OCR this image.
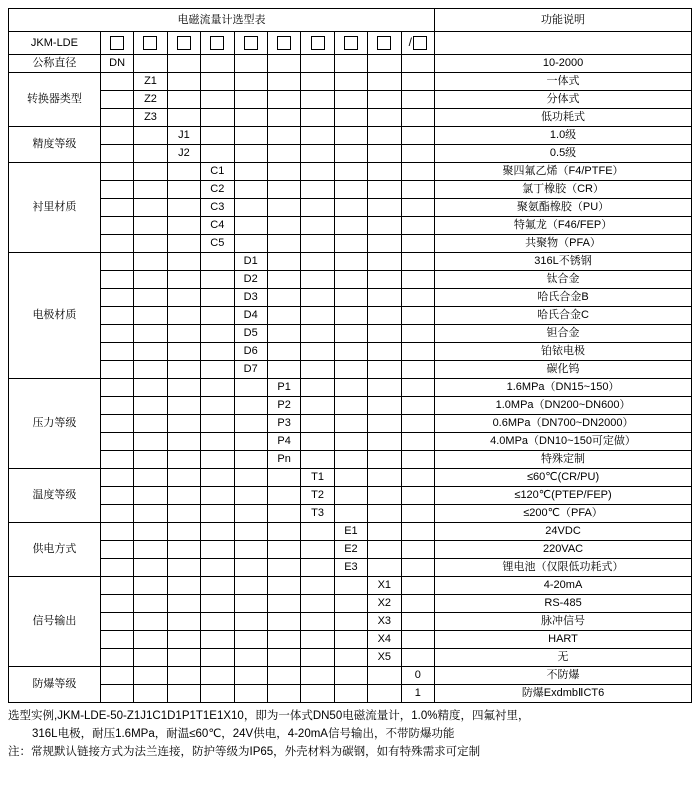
电磁流量计选型表											功能说明
JKM-LDE										/	
公称直径	DN										10-2000
转换器类型		Z1									一体式
		Z2									分体式
		Z3									低功耗式
精度等级			J1								1.0级
			J2								0.5级
衬里材质				C1							聚四氟乙烯（F4/PTFE）
				C2							氯丁橡胶（CR）
				C3							聚氨酯橡胶（PU）
				C4							特氟龙（F46/FEP）
				C5							共聚物（PFA）
电极材质					D1						316L不锈钢
					D2						钛合金
					D3						哈氏合金B
					D4						哈氏合金C
					D5						钽合金
					D6						铂铱电极
					D7						碳化钨
压力等级						P1					1.6MPa（DN15~150）
						P2					1.0MPa（DN200~DN600）
						P3					0.6MPa（DN700~DN2000）
						P4					4.0MPa（DN10~150可定做）
						Pn					特殊定制
温度等级							T1				≤60℃(CR/PU)
							T2				≤120℃(PTEP/FEP)
							T3				≤200℃（PFA）
供电方式								E1			24VDC
								E2			220VAC
								E3			锂电池（仅限低功耗式）
信号输出									X1		4-20mA
									X2		RS-485
									X3		脉冲信号
									X4		HART
									X5		无
防爆等级										0	不防爆
										1	防爆ExdmbⅡCT6
选型实例,JKM-LDE-50-Z1J1C1D1P1T1E1X10，即为一体式DN50电磁流量计，1.0%精度，四氟衬里，
316L电极，耐压1.6MPa，耐温≤60℃，24V供电，4-20mA信号输出，不带防爆功能
注：常规默认链接方式为法兰连接，防护等级为IP65，外壳材料为碳钢，如有特殊需求可定制
